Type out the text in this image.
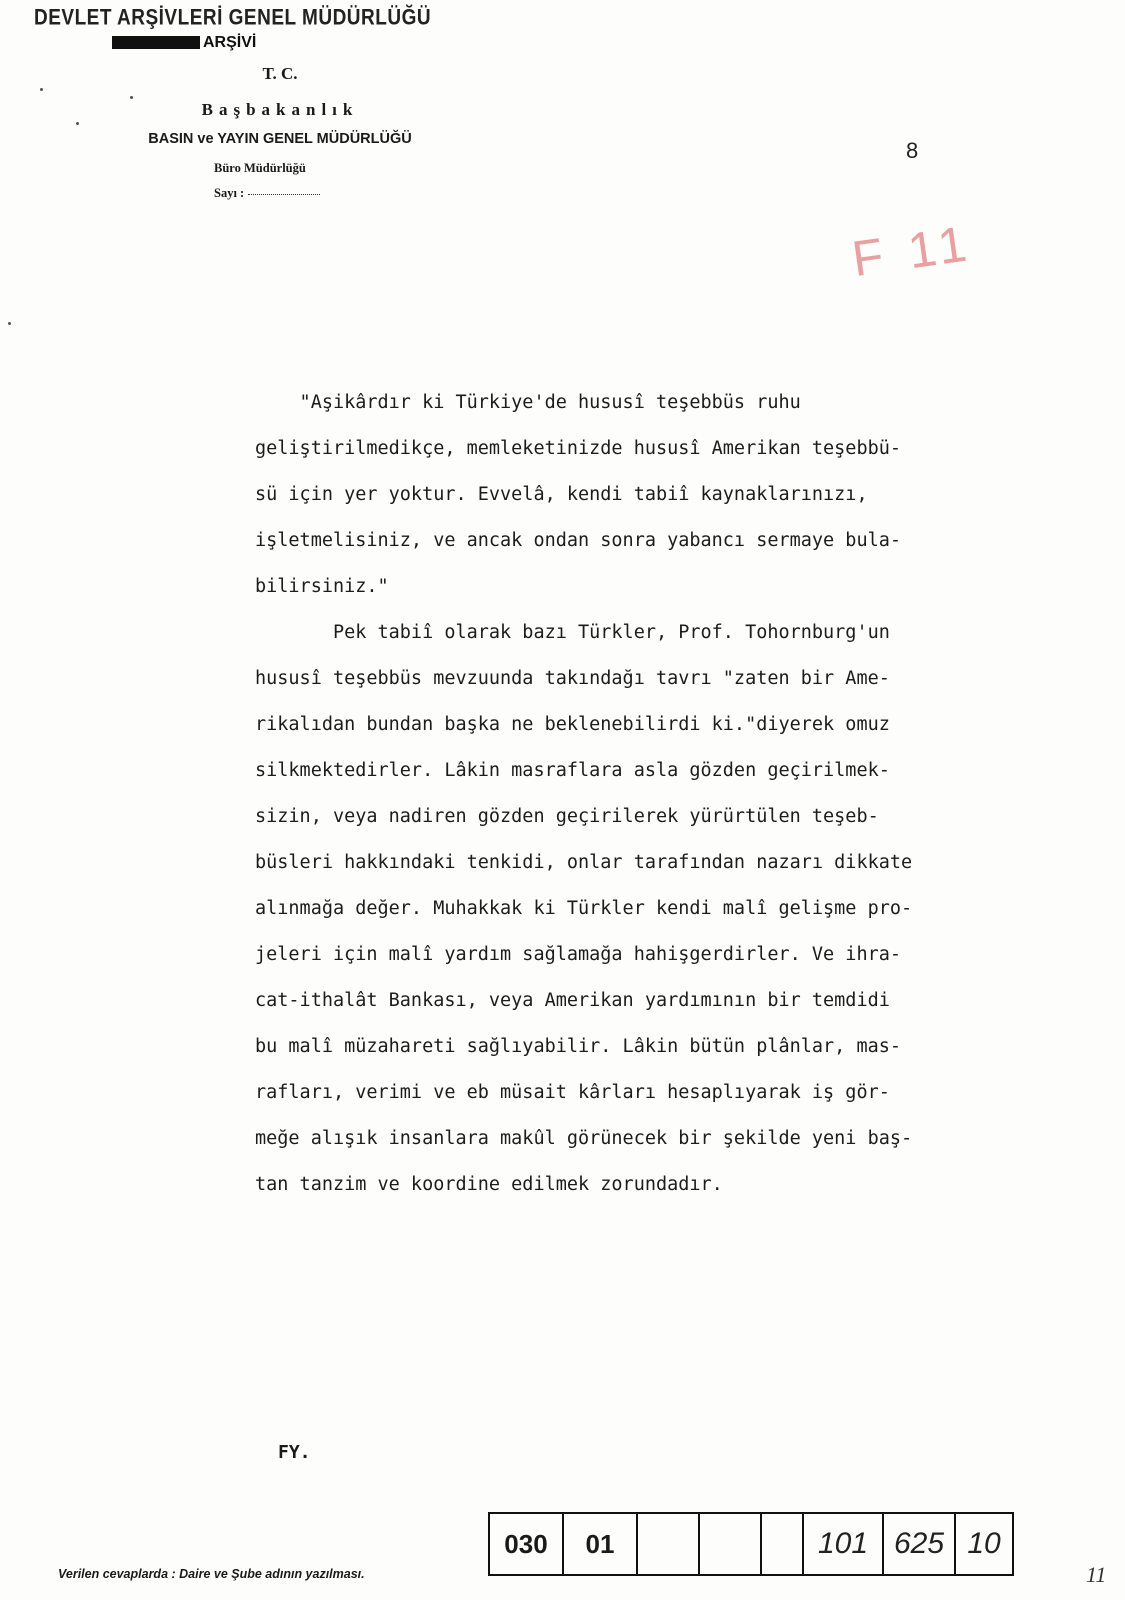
DEVLET ARŞİVLERİ GENEL MÜDÜRLÜĞÜ
ARŞİVİ
T. C.
Başbakanlık
BASIN ve YAYIN GENEL MÜDÜRLÜĞÜ
Büro Müdürlüğü
Sayı :
8
F 11
"Aşikârdır ki Türkiye'de hususî teşebbüs ruhu
geliştirilmedikçe, memleketinizde hususî Amerikan teşebbü-
sü için yer yoktur. Evvelâ, kendi tabiî kaynaklarınızı,
işletmelisiniz, ve ancak ondan sonra yabancı sermaye bula-
bilirsiniz."
Pek tabiî olarak bazı Türkler, Prof. Tohornburg'un
hususî teşebbüs mevzuunda takındağı tavrı "zaten bir Ame-
rikalıdan bundan başka ne beklenebilirdi ki."diyerek omuz
silkmektedirler. Lâkin masraflara asla gözden geçirilmek-
sizin, veya nadiren gözden geçirilerek yürürtülen teşeb-
büsleri hakkındaki tenkidi, onlar tarafından nazarı dikkate
alınmağa değer. Muhakkak ki Türkler kendi malî gelişme pro-
jeleri için malî yardım sağlamağa hahişgerdirler. Ve ihra-
cat-ithalât Bankası, veya Amerikan yardımının bir temdidi
bu malî müzahareti sağlıyabilir. Lâkin bütün plânlar, mas-
rafları, verimi ve eb müsait kârları hesaplıyarak iş gör-
meğe alışık insanlara makûl görünecek bir şekilde yeni baş-
tan tanzim ve koordine edilmek zorundadır.
FY.
030	01				101	625	10
Verilen cevaplarda : Daire ve Şube adının yazılması.	11
